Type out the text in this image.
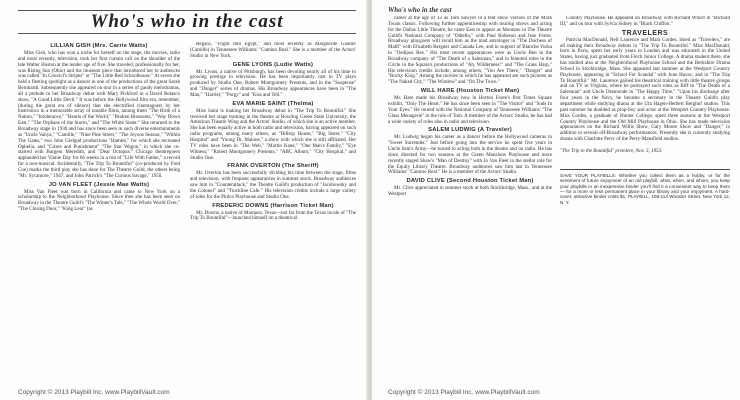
Who's who in the cast
LILLIAN GISH (Mrs. Carrie Watts)

Miss Gish, who has won a niche for herself on the stage, the movies, radio and most recently, television, took her first curtain call on the shoulder of the late Walter Huston at the tender age of five. She traveled, professionally for her, was Rising Sun (Ohio) and the museum piece that introduced her to audiences was called "In Convict's Stripes" or "The Little Red Schoolhouse." At seven she held a fleeting spotlight as a dancer in one of the productions of the great Sarah Bernhardt. Subsequently she appeared on tour in a series of gaudy melodramas, all a prelude to her Broadway debut with Mary Pickford in a David Belasco show, "A Good Little Devil." It was before the Hollywood film era, remember, (during the great era of silence) that she electrified cinemagoers by her histrionics in a memorable array of notable films, among them "The Birth of a Nation," "Intolerance," "Hearts of the World," "Broken Blossoms," "Way Down East," "The Orphans of the Storm," and "The White Sister." She returned to the Broadway stage in 1930 and has since been seen in such diverse entertainments as "Uncle Vanya," "Camille," "Nine Pine Street," "The Joyous Season," "Within The Gates," two John Gielgud productions "Hamlet," for which she recreated Ophelia, and "Crime and Punishment" "The Star Wagon," in which she co-starred with Burgess Meredith, and "Dear Octopus." Chicago theatregoers applauded her Vinnie Day for 66 weeks in a run of "Life With Father," a record for a non-musical. Incidentally, "The Trip To Bountiful" (co-produced by Fred Coe) marks the third play she has done for The Theatre Guild, the others being "Mr. Sycamore," 1947, and John Patrick's "The Curious Savage," 1950.

JO VAN FLEET (Jessie Mae Watts)

Miss Van Fleet was born in California and came to New York on a scholarship to the Neighborhood Playhouse. Since then she has been seen on Broadway in the Theatre Guild's "The Winter's Tale," "The Whole World Over," "The Closing Door," "King Lear" (as

Regan), "Flight Into Egypt," and most recently as Marguerite Gautier (Camille) in Tennessee Williams' "Camino Real." She is a member of the Actors' Studio in New York.

GENE LYONS (Ludie Watts)

Mr. Lyons, a native of Pittsburgh, has been devoting nearly all of his time to growing prestige in television. He has been importantly cast in TV plays produced by Studio One, Robert Montgomery Presents, and in the "Suspense" and "Danger" series of dramas. His Broadway appearances have been in "The Man," "Harriet," "Porgy" and "Kiss and Tell."

EVA MARIE SAINT (Thelma)

Miss Saint is making her Broadway debut in "The Trip To Bountiful." She received her stage training in the theatre at Bowling Green State University, the American Theatre Wing and the Actors' Studio, of which she is an active member. She has been equally active in both radio and television, having appeared on such radio programs, among many others, as "Hilltop House," "Big Sister," "City Hospital" and "Young Dr. Malone," a show with which she is still affiliated. Her TV roles have been in "The Web," "Martin Kane," "One Man's Family," "Eye Witness," "Robert Montgomery Presents," "ABC Album," "City Hospital," and Studio One.

FRANK OVERTON (The Sheriff)

Mr. Overton has been successfully dividing his time between the stage, films and television, with frequent appearances in summer stock. Broadway audiences saw him in "Counterattack," the Theatre Guild's production of "Jacobowsky and the Colonel" and "Truckline Cafe." His television credits include a large variety of roles for the Philco Playhouse and Studio One.

FREDERIC DOWNS (Harrison Ticket Man)

Mr. Downs, a native of Marquez, Texas—not far from the Texas locale of "The Trip To Bountiful"—launched himself on a theatrical

Copyright © 2013 Playbill Inc. www.PlaybillVault.com
Who's who in the cast

career at the age of 12 as Tom Sawyer in a tent show version of the Mark Twain classic. Following further apprenticeship with touring shows and acting for the Dallas Little Theatre, he came East to appear as Montano in The Theatre Guild's National Company of "Othello," with Paul Robeson and Jose Ferrer. Broadway playgoers will recall him as the mad astrologer in "The Duchess of Malfi" with Elisabeth Bergner and Canada Lee, and in support of Blanche Yurka in "Oedipus Rex." His most recent appearances were as Uncle Ben in the Broadway company of "The Death of a Salesman," and in featured roles in the Circle in the Square's productions of "Ah, Wilderness!" and "The Grass Harp." His television credits include, among others, "You Are There," "Danger" and "Rocky King." Among the movies in which he has appeared are such pictures as "The Naked City," "The Window" and "On The Town."

WILL HARE (Houston Ticket Man)

Mr. Hare made his Broadway bow in Horton Foote's first Times Square exhibit, "Only The Heart." He has since been seen in "The Visitor" and "Suds In Your Eyes." He toured with the National Company of Tennessee Williams' "The Glass Menagerie" in the role of Tom. A member of the Actors' Studio, he has had a wide variety of roles also in radio and television.

SALEM LUDWIG (A Traveler)

Mr. Ludwig began his career as a dancer before the Hollywood cameras in "Sweet Surrender." Just before going into the service he spent five years in Uncle Sam's Army—he turned to acting both in the theatre and on radio. He has since directed for two seasons at the Green Mansions Playhouse and more recently staged Shaw's "Man of Destiny" with Jo Van Fleet in the stellar role for the Equity Library Theatre. Broadway audiences saw him last in Tennessee Williams' "Camino Real." He is a member of the Actors' Studio.

DAVID CLIVE (Second Houston Ticket Man)

Mr. Clive appreciated in summer stock at both Stockbridge, Mass., and at the Westport

Country Playhouse. He appeared on Broadway with Richard Whorf in "Richard III," and on tour with Sylvia Sidney in "Black Chiffon."

TRAVELERS

Patricia MacDonald, Nell Laurence and Mara Cordes, listed as "Travelers," are all making their Broadway debuts in "The Trip To Bountiful." Miss MacDonald, born in Paris, spent her early years in London and was educated in the United States, having just graduated from Finch Junior College. A drama student there, she has studied also at the Neighborhood Playhouse School and the Berkshire Drama School in Stockbridge, Mass. She appeared last summer at the Westport Country Playhouse, appearing in "School For Scandal" with June Havoc, and in "The Trip To Bountiful." Mr. Laurence gained his theatrical training with little theatre groups and on TV in Virginia, where he portrayed such roles as Biff in "The Death of a Salesman" and Uncle Desmonde in "The Happy Time." "Upon his discharge after four years in the Navy, he became a secretary in the Theatre Guild's play department while studying drama at the Uta Hagen-Herbert Berghof studios. This past summer he doubled as prop-boy and actor at the Westport Country Playhouse. Miss Cordes, a graduate of Hunter College, spent three seasons at the Westport Country Playhouse and the Old Mill Playhouse in Ohio. She has made television appearances on the Richard Willis Show, Gary Moore Show and "Danger," in addition to several off-Broadway performances. Presently she is currently studying drama with Charlotte Perry of the Perry-Mansfield studios.

"The Trip to the Bountiful" premiere, Nov. 3, 1953.

SAVE YOUR PLAYBILLS: Whether you collect them as a hobby, or for the sentiment of future enjoyment of an old playbill, what, when, and whom, you keep your playbills in an inexpensive binder you'll find it a convenient way to keep them — for a more or less permanent place in your library and your enjoyment. A hard-cover, attractive binder costs $1. PLAYBILL, 108-114 Wooster Street, New York 12, N. Y.

Copyright © 2013 Playbill Inc. www.PlaybillVault.com
